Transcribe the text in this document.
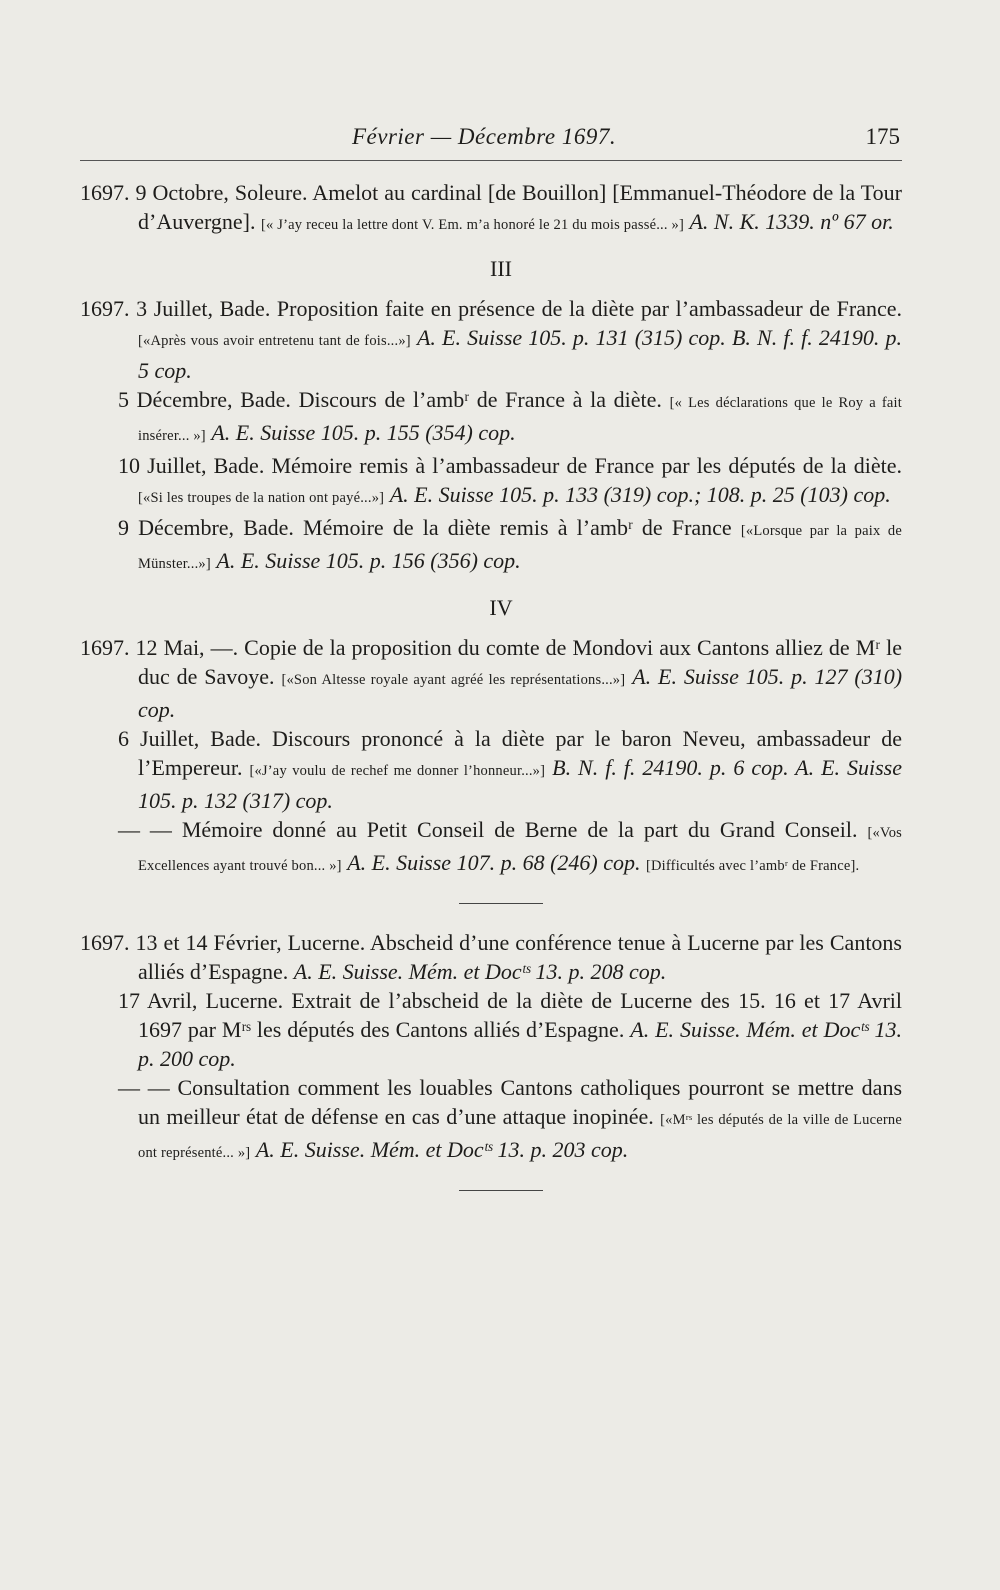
Février — Décembre 1697.	175

1697. 9 Octobre, Soleure. Amelot au cardinal [de Bouillon] [Emmanuel-Théodore de la Tour d’Auvergne]. [« J’ay receu la lettre dont V. Em. m’a honoré le 21 du mois passé... »] A. N. K. 1339. nº 67 or.

III

1697. 3 Juillet, Bade. Proposition faite en présence de la diète par l’ambassadeur de France. [«Après vous avoir entretenu tant de fois...»] A. E. Suisse 105. p. 131 (315) cop. B. N. f. f. 24190. p. 5 cop.

5 Décembre, Bade. Discours de l’ambʳ de France à la diète. [« Les déclarations que le Roy a fait insérer... »] A. E. Suisse 105. p. 155 (354) cop.

10 Juillet, Bade. Mémoire remis à l’ambassadeur de France par les députés de la diète. [«Si les troupes de la nation ont payé...»] A. E. Suisse 105. p. 133 (319) cop.; 108. p. 25 (103) cop.

9 Décembre, Bade. Mémoire de la diète remis à l’ambʳ de France [«Lorsque par la paix de Münster...»] A. E. Suisse 105. p. 156 (356) cop.

IV

1697. 12 Mai, —. Copie de la proposition du comte de Mondovi aux Cantons alliez de Mʳ le duc de Savoye. [«Son Altesse royale ayant agréé les représentations...»] A. E. Suisse 105. p. 127 (310) cop.

6 Juillet, Bade. Discours prononcé à la diète par le baron Neveu, ambassadeur de l’Empereur. [«J’ay voulu de rechef me donner l’honneur...»] B. N. f. f. 24190. p. 6 cop. A. E. Suisse 105. p. 132 (317) cop.

— — Mémoire donné au Petit Conseil de Berne de la part du Grand Conseil. [«Vos Excellences ayant trouvé bon... »] A. E. Suisse 107. p. 68 (246) cop. [Difficultés avec l’ambʳ de France].

1697. 13 et 14 Février, Lucerne. Abscheid d’une conférence tenue à Lucerne par les Cantons alliés d’Espagne. A. E. Suisse. Mém. et Docᵗˢ 13. p. 208 cop.

17 Avril, Lucerne. Extrait de l’abscheid de la diète de Lucerne des 15. 16 et 17 Avril 1697 par Mʳˢ les députés des Cantons alliés d’Espagne. A. E. Suisse. Mém. et Docᵗˢ 13. p. 200 cop.

— — Consultation comment les louables Cantons catholiques pourront se mettre dans un meilleur état de défense en cas d’une attaque inopinée. [«Mʳˢ les députés de la ville de Lucerne ont représenté... »] A. E. Suisse. Mém. et Docᵗˢ 13. p. 203 cop.
